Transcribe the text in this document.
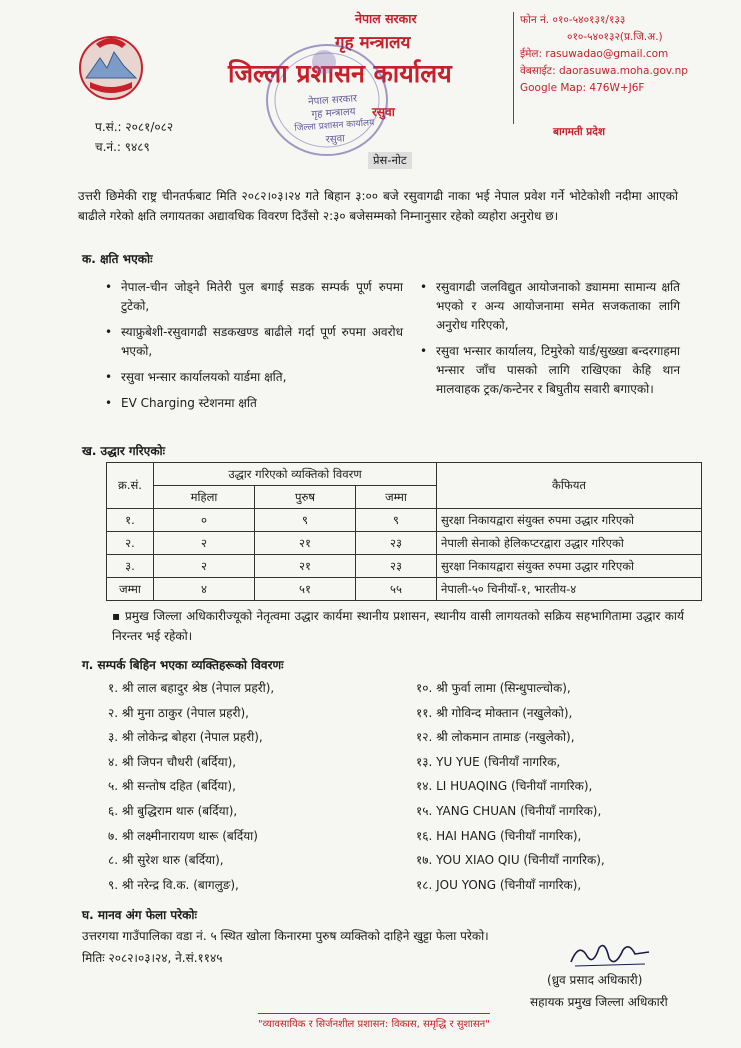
नेपाल सरकार
गृह मन्त्रालय
जिल्ला प्रशासन कार्यालय
रसुवा
नेपाल सरकार
गृह मन्त्रालय
जिल्ला प्रशासन कार्यालय
रसुवा
फोन नं. ०१०-५४०१३१/१३३
०१०-५४०१३२(प्र.जि.अ.)
ईमेल: rasuwadao@gmail.com
वेबसाईट: daorasuwa.moha.gov.np
Google Map: 476W+J6F
बागमती प्रदेश
प.सं.: २०८१/०८२
च.नं.: ९४८९
प्रेस-नोट
उत्तरी छिमेकी राष्ट्र चीनतर्फबाट मिति २०८२।०३।२४ गते बिहान ३:०० बजे रसुवागढी नाका भई नेपाल प्रवेश गर्ने भोटेकोशी नदीमा आएको बाढीले गरेको क्षति लगायतका अद्यावधिक विवरण दिउँसो २:३० बजेसम्मको निम्नानुसार रहेको व्यहोरा अनुरोध छ।
क. क्षति भएकोः
• नेपाल-चीन जोड्ने मितेरी पुल बगाई सडक सम्पर्क पूर्ण रुपमा टुटेको,
• स्याफ्रुबेशी-रसुवागढी सडकखण्ड बाढीले गर्दा पूर्ण रुपमा अवरोध भएको,
• रसुवा भन्सार कार्यालयको यार्डमा क्षति,
• EV Charging स्टेशनमा क्षति
• रसुवागढी जलविद्युत आयोजनाको ड्याममा सामान्य क्षति भएको र अन्य आयोजनामा समेत सजकताका लागि अनुरोध गरिएको,
• रसुवा भन्सार कार्यालय, टिमुरेको यार्ड/सुख्खा बन्दरगाहमा भन्सार जाँच पासको लागि राखिएका केहि थान मालवाहक ट्रक/कन्टेनर र बिघुतीय सवारी बगाएको।
ख. उद्धार गरिएकोः
क्र.सं.	उद्धार गरिएको व्यक्तिको विवरण			कैफियत
	महिला	पुरुष	जम्मा	
१.	०	९	९	सुरक्षा निकायद्वारा संयुक्त रुपमा उद्धार गरिएको
२.	२	२१	२३	नेपाली सेनाको हेलिकप्टरद्वारा उद्धार गरिएको
३.	२	२१	२३	सुरक्षा निकायद्वारा संयुक्त रुपमा उद्धार गरिएको
जम्मा	४	५१	५५	नेपाली-५० चिनीयाँ-१, भारतीय-४
▪ प्रमुख जिल्ला अधिकारीज्यूको नेतृत्वमा उद्धार कार्यमा स्थानीय प्रशासन, स्थानीय वासी लागयतको सक्रिय सहभागितामा उद्धार कार्य निरन्तर भई रहेको।
ग. सम्पर्क बिहिन भएका व्यक्तिहरूको विवरणः
१. श्री लाल बहादुर श्रेष्ठ (नेपाल प्रहरी),
२. श्री मुना ठाकुर (नेपाल प्रहरी),
३. श्री लोकेन्द्र बोहरा (नेपाल प्रहरी),
४. श्री जिपन चौधरी (बर्दिया),
५. श्री सन्तोष दहित (बर्दिया),
६. श्री बुद्धिराम थारु (बर्दिया),
७. श्री लक्ष्मीनारायण थारू (बर्दिया)
८. श्री सुरेश थारु (बर्दिया),
९. श्री नरेन्द्र वि.क. (बागलुङ),
१०. श्री फुर्वा लामा (सिन्धुपाल्चोक),
११. श्री गोविन्द मोक्तान (नखुलेको),
१२. श्री लोकमान तामाङ (नखुलेको),
१३. YU YUE (चिनीयाँ नागरिक,
१४. LI HUAQING (चिनीयाँ नागरिक),
१५. YANG CHUAN (चिनीयाँ नागरिक),
१६. HAI HANG (चिनीयाँ नागरिक),
१७. YOU XIAO QIU (चिनीयाँ नागरिक),
१८. JOU YONG (चिनीयाँ नागरिक),
घ. मानव अंग फेला परेकोः
उत्तरगया गाउँपालिका वडा नं. ५ स्थित खोला किनारमा पुरुष व्यक्तिको दाहिने खुट्टा फेला परेको।
मितिः २०८२।०३।२४, ने.सं.११४५
(ध्रुव प्रसाद अधिकारी)
सहायक प्रमुख जिल्ला अधिकारी
"व्यावसायिक र सिर्जनशील प्रशासन: विकास, समृद्धि र सुशासन"
